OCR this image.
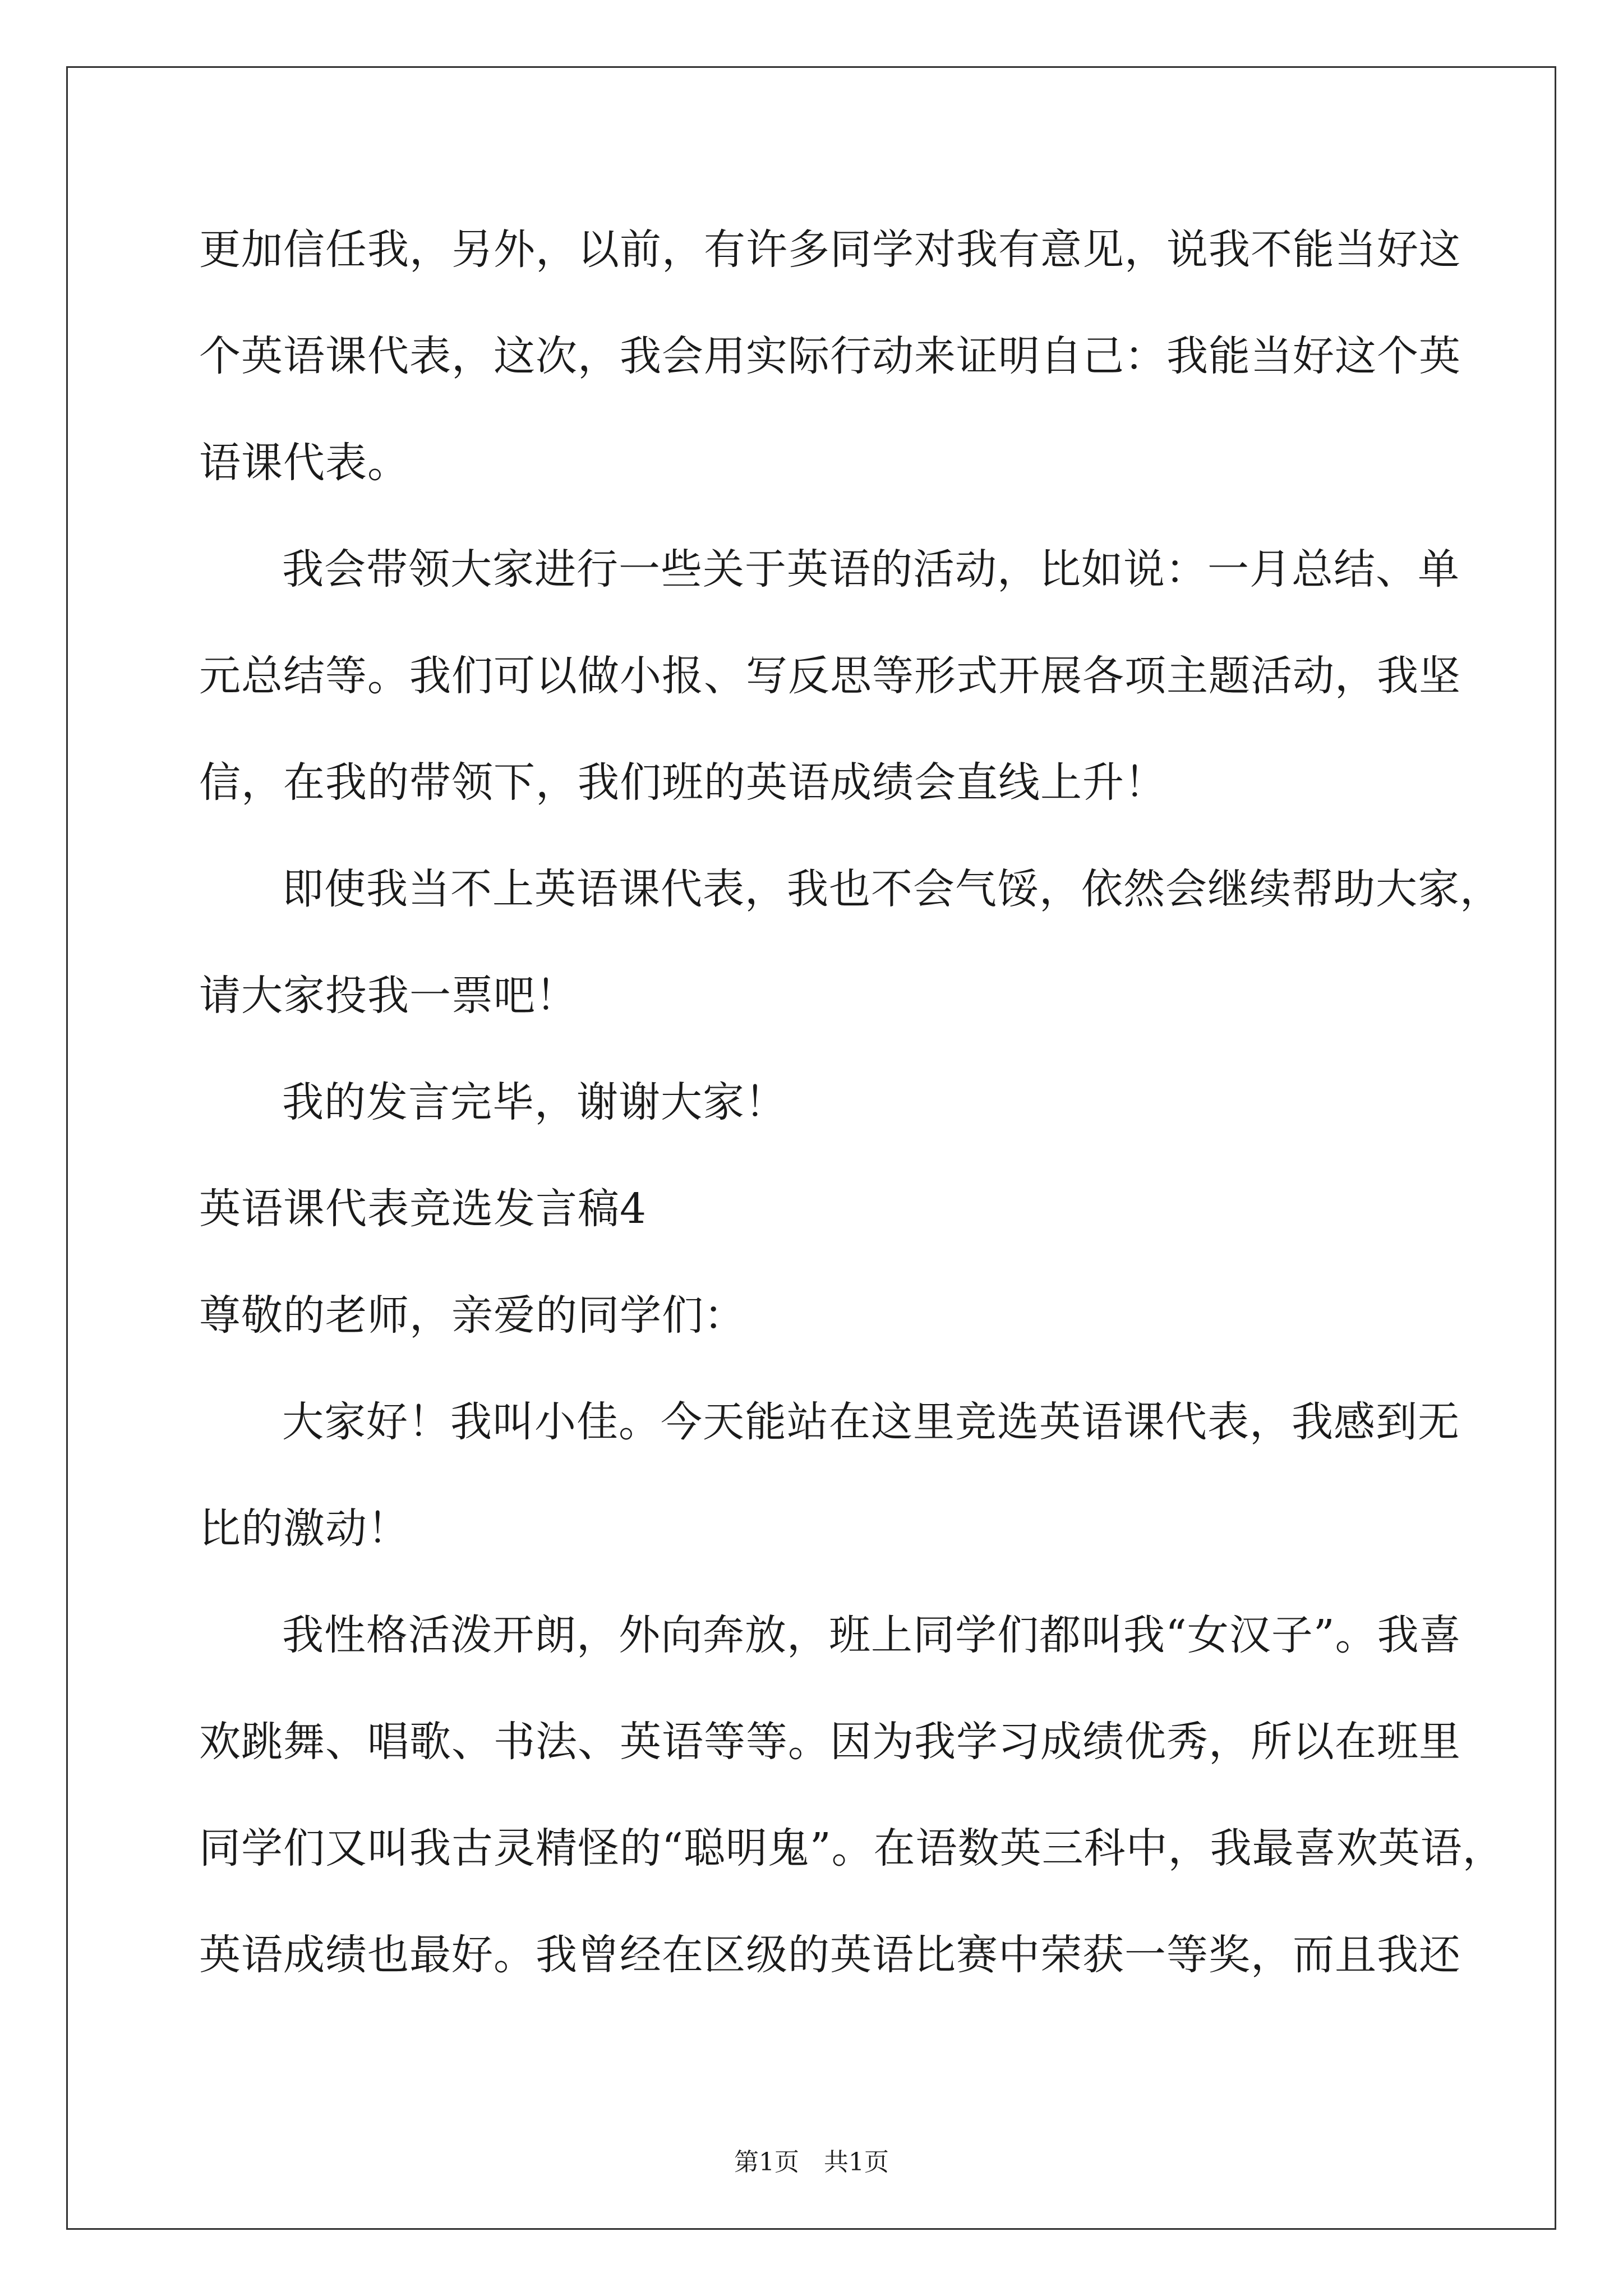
更加信任我，另外，以前，有许多同学对我有意见，说我不能当好这
个英语课代表，这次，我会用实际行动来证明自己：我能当好这个英
语课代表。
我会带领大家进行一些关于英语的活动，比如说：一月总结、单
元总结等。我们可以做小报、写反思等形式开展各项主题活动，我坚
信，在我的带领下，我们班的英语成绩会直线上升！
即使我当不上英语课代表，我也不会气馁，依然会继续帮助大家，
请大家投我一票吧！
我的发言完毕，谢谢大家！
英语课代表竞选发言稿4
尊敬的老师，亲爱的同学们：
大家好！我叫小佳。今天能站在这里竞选英语课代表，我感到无
比的激动！
我性格活泼开朗，外向奔放，班上同学们都叫我“女汉子”。我喜
欢跳舞、唱歌、书法、英语等等。因为我学习成绩优秀，所以在班里
同学们又叫我古灵精怪的“聪明鬼”。在语数英三科中，我最喜欢英语，
英语成绩也最好。我曾经在区级的英语比赛中荣获一等奖，而且我还
第1页　共1页
